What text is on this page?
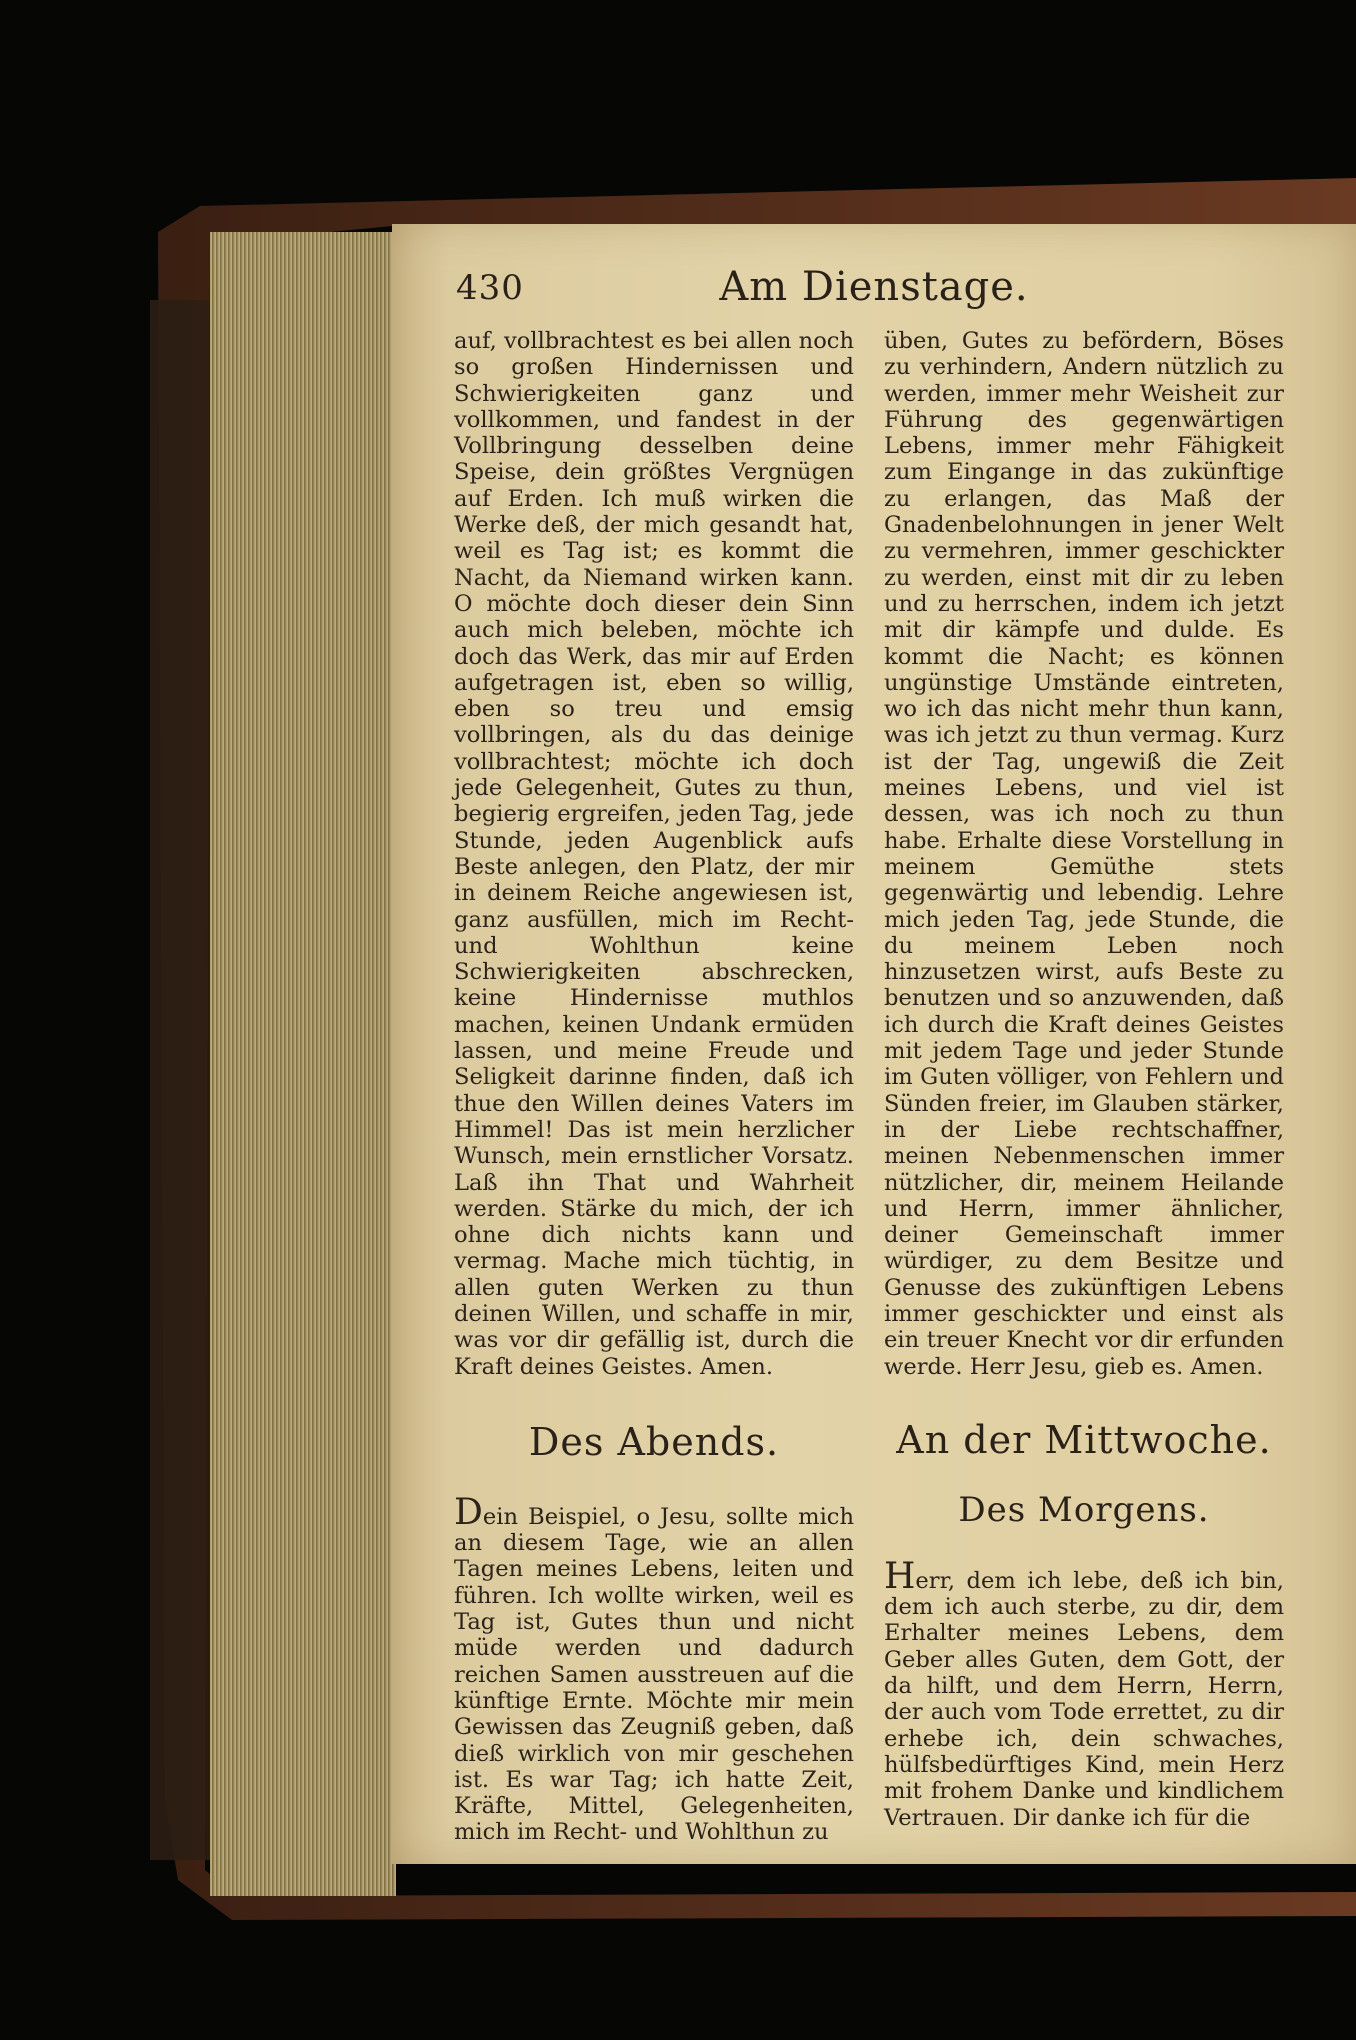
430	Am Dienstage.

auf, vollbrachtest es bei allen noch so großen Hindernissen und Schwierigkeiten ganz und vollkommen, und fandest in der Vollbringung desselben deine Speise, dein größtes Vergnügen auf Erden. Ich muß wirken die Werke deß, der mich gesandt hat, weil es Tag ist; es kommt die Nacht, da Niemand wirken kann. O möchte doch dieser dein Sinn auch mich beleben, möchte ich doch das Werk, das mir auf Erden aufgetragen ist, eben so willig, eben so treu und emsig vollbringen, als du das deinige vollbrachtest; möchte ich doch jede Gelegenheit, Gutes zu thun, begierig ergreifen, jeden Tag, jede Stunde, jeden Augenblick aufs Beste anlegen, den Platz, der mir in deinem Reiche angewiesen ist, ganz ausfüllen, mich im Recht- und Wohlthun keine Schwierigkeiten abschrecken, keine Hindernisse muthlos machen, keinen Undank ermüden lassen, und meine Freude und Seligkeit darinne finden, daß ich thue den Willen deines Vaters im Himmel! Das ist mein herzlicher Wunsch, mein ernstlicher Vorsatz. Laß ihn That und Wahrheit werden. Stärke du mich, der ich ohne dich nichts kann und vermag. Mache mich tüchtig, in allen guten Werken zu thun deinen Willen, und schaffe in mir, was vor dir gefällig ist, durch die Kraft deines Geistes. Amen.

Des Abends.

Dein Beispiel, o Jesu, sollte mich an diesem Tage, wie an allen Tagen meines Lebens, leiten und führen. Ich wollte wirken, weil es Tag ist, Gutes thun und nicht müde werden und dadurch reichen Samen ausstreuen auf die künftige Ernte. Möchte mir mein Gewissen das Zeugniß geben, daß dieß wirklich von mir geschehen ist. Es war Tag; ich hatte Zeit, Kräfte, Mittel, Gelegenheiten, mich im Recht- und Wohlthun zu

üben, Gutes zu befördern, Böses zu verhindern, Andern nützlich zu werden, immer mehr Weisheit zur Führung des gegenwärtigen Lebens, immer mehr Fähigkeit zum Eingange in das zukünftige zu erlangen, das Maß der Gnadenbelohnungen in jener Welt zu vermehren, immer geschickter zu werden, einst mit dir zu leben und zu herrschen, indem ich jetzt mit dir kämpfe und dulde. Es kommt die Nacht; es können ungünstige Umstände eintreten, wo ich das nicht mehr thun kann, was ich jetzt zu thun vermag. Kurz ist der Tag, ungewiß die Zeit meines Lebens, und viel ist dessen, was ich noch zu thun habe. Erhalte diese Vorstellung in meinem Gemüthe stets gegenwärtig und lebendig. Lehre mich jeden Tag, jede Stunde, die du meinem Leben noch hinzusetzen wirst, aufs Beste zu benutzen und so anzuwenden, daß ich durch die Kraft deines Geistes mit jedem Tage und jeder Stunde im Guten völliger, von Fehlern und Sünden freier, im Glauben stärker, in der Liebe rechtschaffner, meinen Nebenmenschen immer nützlicher, dir, meinem Heilande und Herrn, immer ähnlicher, deiner Gemeinschaft immer würdiger, zu dem Besitze und Genusse des zukünftigen Lebens immer geschickter und einst als ein treuer Knecht vor dir erfunden werde. Herr Jesu, gieb es. Amen.

An der Mittwoche.
Des Morgens.

Herr, dem ich lebe, deß ich bin, dem ich auch sterbe, zu dir, dem Erhalter meines Lebens, dem Geber alles Guten, dem Gott, der da hilft, und dem Herrn, Herrn, der auch vom Tode errettet, zu dir erhebe ich, dein schwaches, hülfsbedürftiges Kind, mein Herz mit frohem Danke und kindlichem Vertrauen. Dir danke ich für die
